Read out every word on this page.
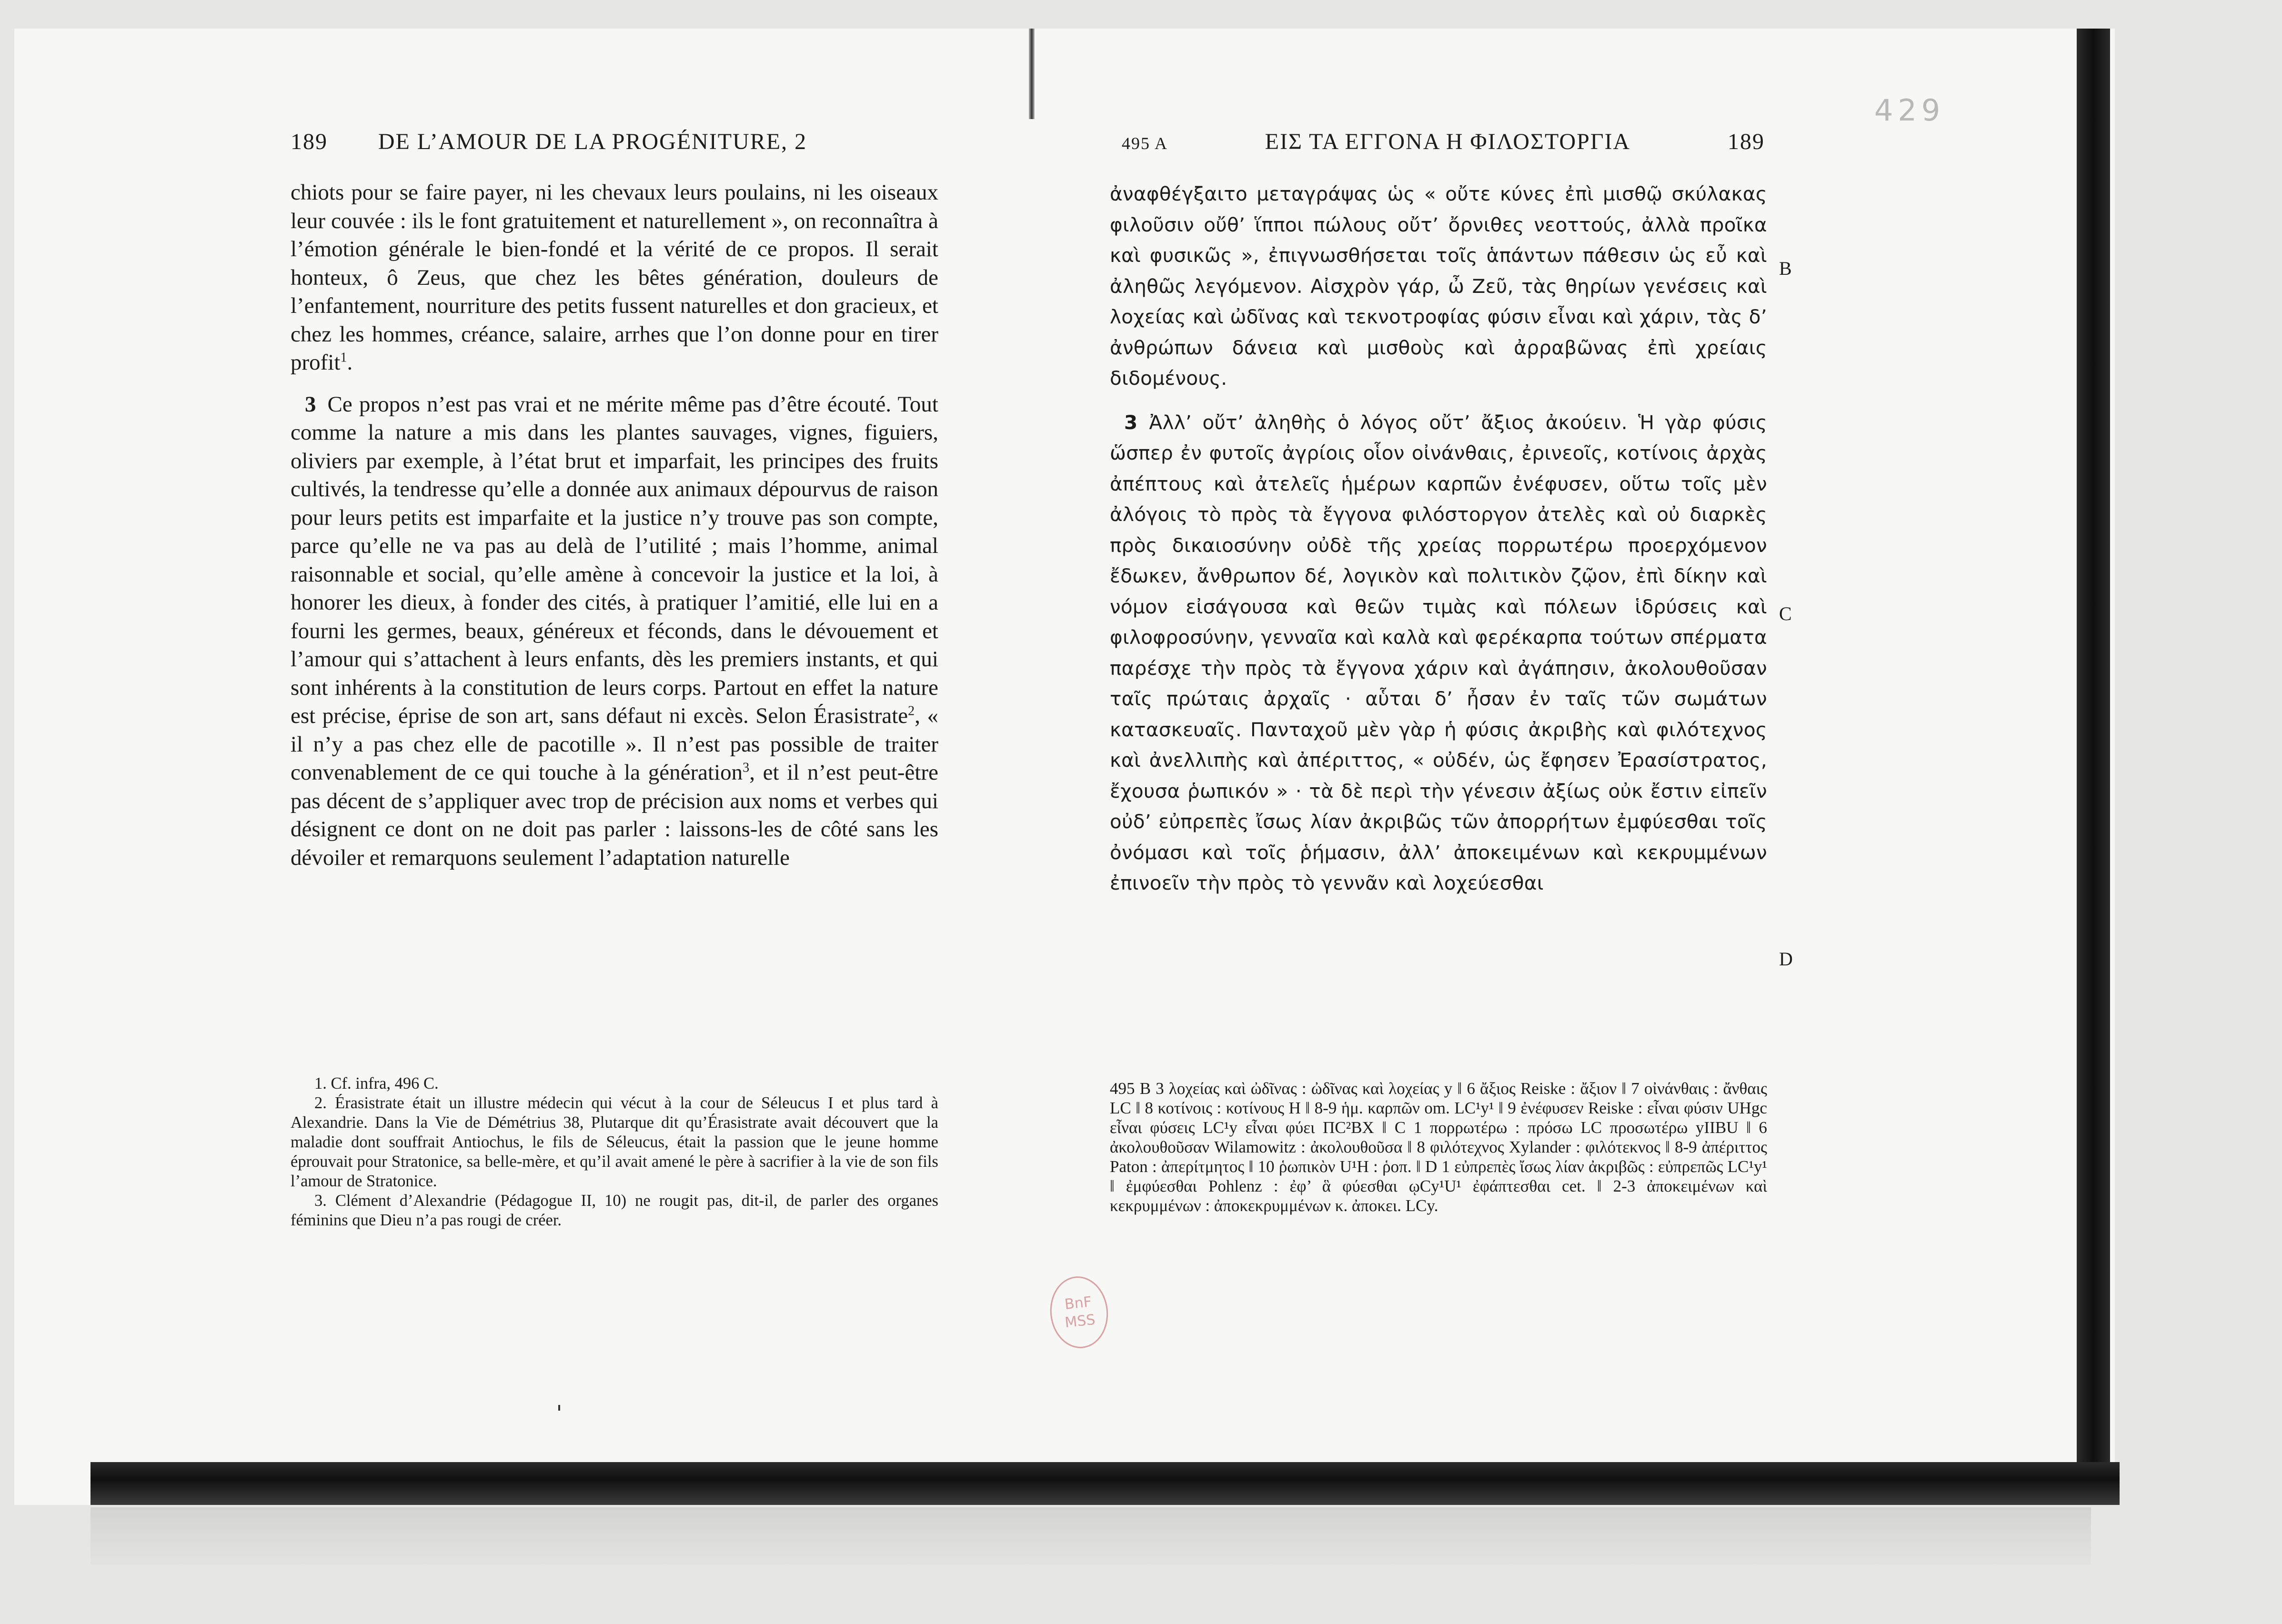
429
189 DE L’AMOUR DE LA PROGÉNITURE, 2

chiots pour se faire payer, ni les chevaux leurs poulains, ni les oiseaux leur couvée : ils le font gratuitement et naturellement », on reconnaîtra à l’émotion générale le bien-fondé et la vérité de ce propos. Il serait honteux, ô Zeus, que chez les bêtes génération, douleurs de l’enfantement, nourriture des petits fussent naturelles et don gracieux, et chez les hommes, créance, salaire, arrhes que l’on donne pour en tirer profit$^1$.

3 Ce propos n’est pas vrai et ne mérite même pas d’être écouté. Tout comme la nature a mis dans les plantes sauvages, vignes, figuiers, oliviers par exemple, à l’état brut et imparfait, les principes des fruits cultivés, la tendresse qu’elle a donnée aux animaux dépourvus de raison pour leurs petits est imparfaite et la justice n’y trouve pas son compte, parce qu’elle ne va pas au delà de l’utilité ; mais l’homme, animal raisonnable et social, qu’elle amène à concevoir la justice et la loi, à honorer les dieux, à fonder des cités, à pratiquer l’amitié, elle lui en a fourni les germes, beaux, généreux et féconds, dans le dévouement et l’amour qui s’attachent à leurs enfants, dès les premiers instants, et qui sont inhérents à la constitution de leurs corps. Partout en effet la nature est précise, éprise de son art, sans défaut ni excès. Selon Érasistrate$^2$, « il n’y a pas chez elle de pacotille ». Il n’est pas possible de traiter convenablement de ce qui touche à la génération$^3$, et il n’est peut-être pas décent de s’appliquer avec trop de précision aux noms et verbes qui désignent ce dont on ne doit pas parler : laissons-les de côté sans les dévoiler et remarquons seulement l’adaptation naturelle

1. Cf. infra, 496 C.

2. Érasistrate était un illustre médecin qui vécut à la cour de Séleucus I et plus tard à Alexandrie. Dans la Vie de Démétrius 38, Plutarque dit qu’Érasistrate avait découvert que la maladie dont souffrait Antiochus, le fils de Séleucus, était la passion que le jeune homme éprouvait pour Stratonice, sa belle-mère, et qu’il avait amené le père à sacrifier à la vie de son fils l’amour de Stratonice.

3. Clément d’Alexandrie (Pédagogue II, 10) ne rougit pas, dit-il, de parler des organes féminins que Dieu n’a pas rougi de créer.

495 A	ΕΙΣ ΤΑ ΕΓΓΟΝΑ Η ΦΙΛΟΣΤΟΡΓΙΑ	189

ἀναφθέγξαιτο μεταγράψας ὡς « οὔτε κύνες ἐπὶ μισθῷ σκύλακας φιλοῦσιν οὔθ’ ἵπποι πώλους οὔτ’ ὄρνιθες νεοττούς, ἀλλὰ προῖκα καὶ φυσικῶς », ἐπιγνωσθήσεται τοῖς ἁπάντων πάθεσιν ὡς εὖ καὶ ἀληθῶς λεγόμενον. Αἰσχρὸν γάρ, ὦ Ζεῦ, τὰς θηρίων γενέσεις καὶ λοχείας καὶ ὠδῖνας καὶ τεκνοτροφίας φύσιν εἶναι καὶ χάριν, τὰς δ’ ἀνθρώπων δάνεια καὶ μισθοὺς καὶ ἀρραβῶνας ἐπὶ χρείαις διδομένους.

3 Ἀλλ’ οὔτ’ ἀληθὴς ὁ λόγος οὔτ’ ἄξιος ἀκούειν. Ἡ γὰρ φύσις ὥσπερ ἐν φυτοῖς ἀγρίοις οἷον οἰνάνθαις, ἐρινεοῖς, κοτίνοις ἀρχὰς ἀπέπτους καὶ ἀτελεῖς ἡμέρων καρπῶν ἐνέφυσεν, οὕτω τοῖς μὲν ἀλόγοις τὸ πρὸς τὰ ἔγγονα φιλόστοργον ἀτελὲς καὶ οὐ διαρκὲς πρὸς δικαιοσύνην οὐδὲ τῆς χρείας πορρωτέρω προερχόμενον ἔδωκεν, ἄνθρωπον δέ, λογικὸν καὶ πολιτικὸν ζῷον, ἐπὶ δίκην καὶ νόμον εἰσάγουσα καὶ θεῶν τιμὰς καὶ πόλεων ἱδρύσεις καὶ φιλοφροσύνην, γενναῖα καὶ καλὰ καὶ φερέκαρπα τούτων σπέρματα παρέσχε τὴν πρὸς τὰ ἔγγονα χάριν καὶ ἀγάπησιν, ἀκολουθοῦσαν ταῖς πρώταις ἀρχαῖς · αὗται δ’ ἦσαν ἐν ταῖς τῶν σωμάτων κατασκευαῖς. Πανταχοῦ μὲν γὰρ ἡ φύσις ἀκριβὴς καὶ φιλότεχνος καὶ ἀνελλιπὴς καὶ ἀπέριττος, « οὐδέν, ὡς ἔφησεν Ἐρασίστρατος, ἔχουσα ῥωπικόν » · τὰ δὲ περὶ τὴν γένεσιν ἀξίως οὐκ ἔστιν εἰπεῖν οὐδ’ εὐπρεπὲς ἴσως λίαν ἀκριβῶς τῶν ἀπορρήτων ἐμφύεσθαι τοῖς ὀνόμασι καὶ τοῖς ῥήμασιν, ἀλλ’ ἀποκειμένων καὶ κεκρυμμένων ἐπινοεῖν τὴν πρὸς τὸ γεννᾶν καὶ λοχεύεσθαι

B
C
D
495 B 3 λοχείας καὶ ὠδῖνας : ὠδῖνας καὶ λοχείας y ‖ 6 ἄξιος Reiske : ἄξιον ‖ 7 οἰνάνθαις : ἄνθαις LC ‖ 8 κοτίνοις : κοτίνους H ‖ 8-9 ἡμ. καρπῶν om. LC¹y¹ ‖ 9 ἐνέφυσεν Reiske : εἶναι φύσιν UHgc εἶναι φύσεις LC¹y εἶναι φύει ΠC²BX ‖ C 1 πορρωτέρω : πρόσω LC προσωτέρω yIIBU ‖ 6 ἀκολουθοῦσαν Wilamowitz : ἀκολουθοῦσα ‖ 8 φιλότεχνος Xylander : φιλότεκνος ‖ 8-9 ἀπέριττος Paton : ἀπερίτμητος ‖ 10 ῥωπικὸν U¹H : ῥοπ. ‖ D 1 εὐπρεπὲς ἴσως λίαν ἀκριβῶς : εὐπρεπῶς LC¹y¹ ‖ ἐμφύεσθαι Pohlenz : ἐφ’ ἃ φύεσθαι ῳCy¹U¹ ἐφάπτεσθαι cet. ‖ 2-3 ἀποκειμένων καὶ κεκρυμμένων : ἀποκεκρυμμένων κ. ἀποκει. LCy.
BnF
MSS
